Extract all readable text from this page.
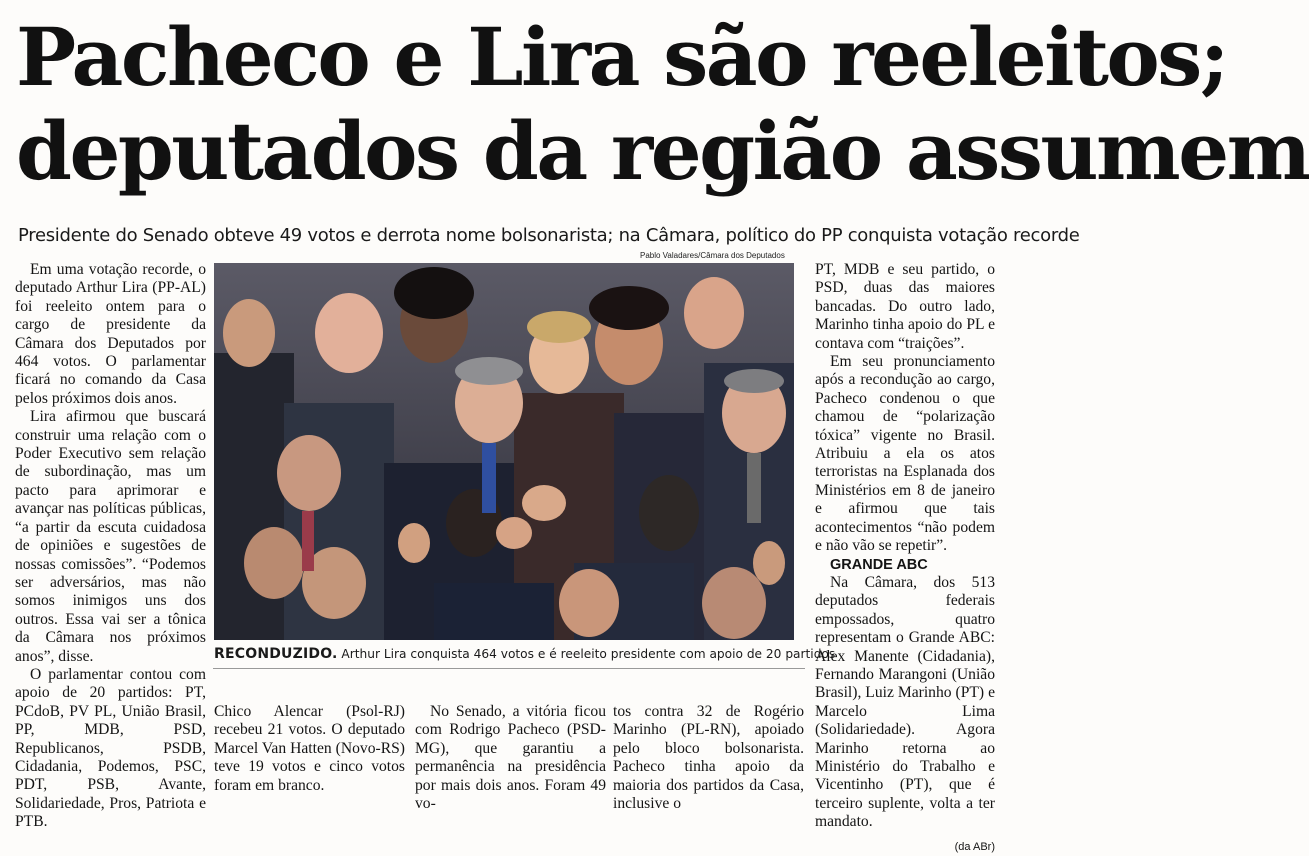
Pacheco e Lira são reeleitos;
deputados da região assumem

Presidente do Senado obteve 49 votos e derrota nome bolsonarista; na Câmara, político do PP conquista votação recorde

Em uma votação recorde, o deputado Arthur Lira (PP-AL) foi reeleito ontem para o cargo de presidente da Câmara dos Deputados por 464 votos. O parlamentar ficará no comando da Casa pelos próximos dois anos.

Lira afirmou que buscará construir uma relação com o Poder Executivo sem relação de subordinação, mas um pacto para aprimorar e avançar nas políticas públicas, “a partir da escuta cuidadosa de opiniões e sugestões de nossas comissões”. “Podemos ser adversários, mas não somos inimigos uns dos outros. Essa vai ser a tônica da Câmara nos próximos anos”, disse.

O parlamentar contou com apoio de 20 partidos: PT, PCdoB, PV PL, União Brasil, PP, MDB, PSD, Republicanos, PSDB, Cidadania, Podemos, PSC, PDT, PSB, Avante, Solidariedade, Pros, Patriota e PTB.

Pablo Valadares/Câmara dos Deputados
RECONDUZIDO. Arthur Lira conquista 464 votos e é reeleito presidente com apoio de 20 partidos

Chico Alencar (Psol-RJ) recebeu 21 votos. O deputado Marcel Van Hatten (Novo-RS) teve 19 votos e cinco votos foram em branco.

No Senado, a vitória ficou com Rodrigo Pacheco (PSD-MG), que garantiu a permanência na presidência por mais dois anos. Foram 49 vo-

tos contra 32 de Rogério Marinho (PL-RN), apoiado pelo bloco bolsonarista. Pacheco tinha apoio da maioria dos partidos da Casa, inclusive o

PT, MDB e seu partido, o PSD, duas das maiores bancadas. Do outro lado, Marinho tinha apoio do PL e contava com “traições”.

Em seu pronunciamento após a recondução ao cargo, Pacheco condenou o que chamou de “polarização tóxica” vigente no Brasil. Atribuiu a ela os atos terroristas na Esplanada dos Ministérios em 8 de janeiro e afirmou que tais acontecimentos “não podem e não vão se repetir”.

GRANDE ABC

Na Câmara, dos 513 deputados federais empossados, quatro representam o Grande ABC: Alex Manente (Cidadania), Fernando Marangoni (União Brasil), Luiz Marinho (PT) e Marcelo Lima (Solidariedade). Agora Marinho retorna ao Ministério do Trabalho e Vicentinho (PT), que é terceiro suplente, volta a ter mandato.

(da ABr)
